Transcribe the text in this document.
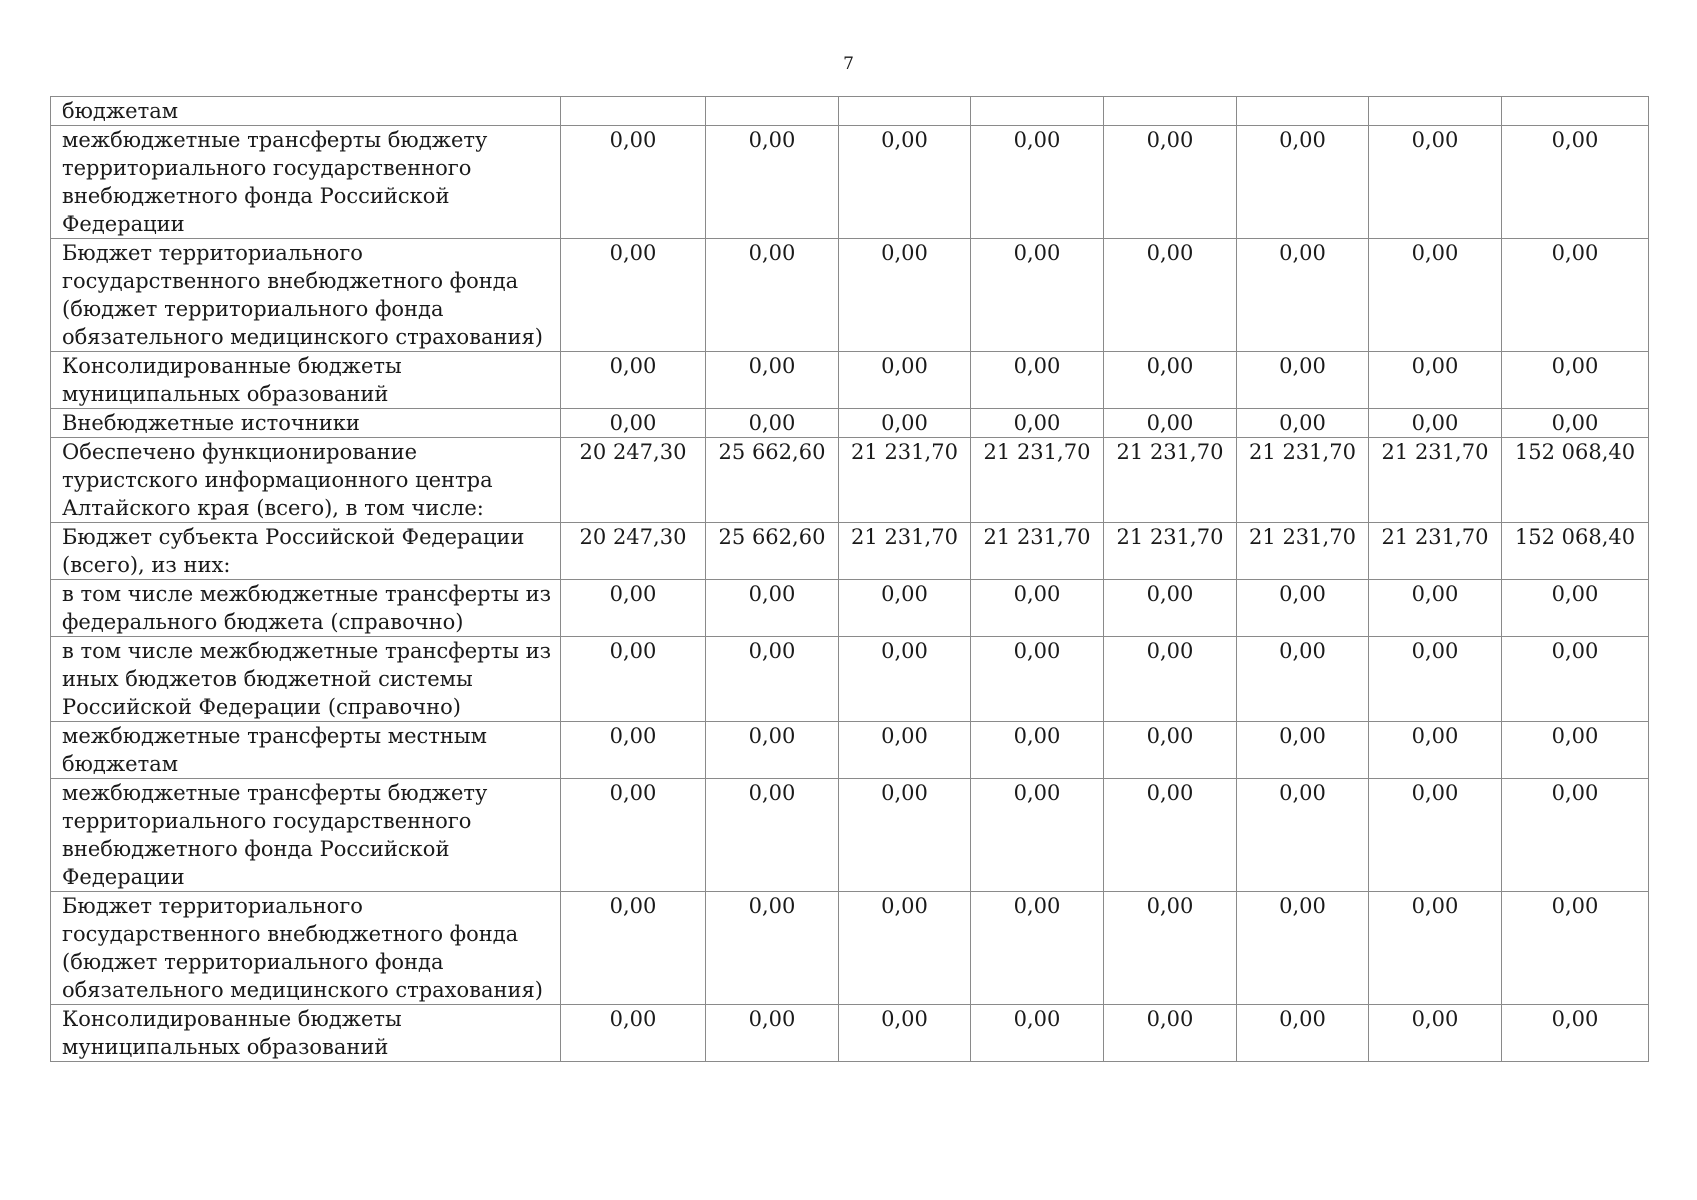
7
бюджетам								
межбюджетные трансферты бюджету территориального государственного внебюджетного фонда Российской Федерации	0,00	0,00	0,00	0,00	0,00	0,00	0,00	0,00
Бюджет территориального государственного внебюджетного фонда (бюджет территориального фонда обязательного медицинского страхования)	0,00	0,00	0,00	0,00	0,00	0,00	0,00	0,00
Консолидированные бюджеты муниципальных образований	0,00	0,00	0,00	0,00	0,00	0,00	0,00	0,00
Внебюджетные источники	0,00	0,00	0,00	0,00	0,00	0,00	0,00	0,00
Обеспечено функционирование туристского информационного центра Алтайского края (всего), в том числе:	20 247,30	25 662,60	21 231,70	21 231,70	21 231,70	21 231,70	21 231,70	152 068,40
Бюджет субъекта Российской Федерации (всего), из них:	20 247,30	25 662,60	21 231,70	21 231,70	21 231,70	21 231,70	21 231,70	152 068,40
в том числе межбюджетные трансферты из федерального бюджета (справочно)	0,00	0,00	0,00	0,00	0,00	0,00	0,00	0,00
в том числе межбюджетные трансферты из иных бюджетов бюджетной системы Российской Федерации (справочно)	0,00	0,00	0,00	0,00	0,00	0,00	0,00	0,00
межбюджетные трансферты местным бюджетам	0,00	0,00	0,00	0,00	0,00	0,00	0,00	0,00
межбюджетные трансферты бюджету территориального государственного внебюджетного фонда Российской Федерации	0,00	0,00	0,00	0,00	0,00	0,00	0,00	0,00
Бюджет территориального государственного внебюджетного фонда (бюджет территориального фонда обязательного медицинского страхования)	0,00	0,00	0,00	0,00	0,00	0,00	0,00	0,00
Консолидированные бюджеты муниципальных образований	0,00	0,00	0,00	0,00	0,00	0,00	0,00	0,00
